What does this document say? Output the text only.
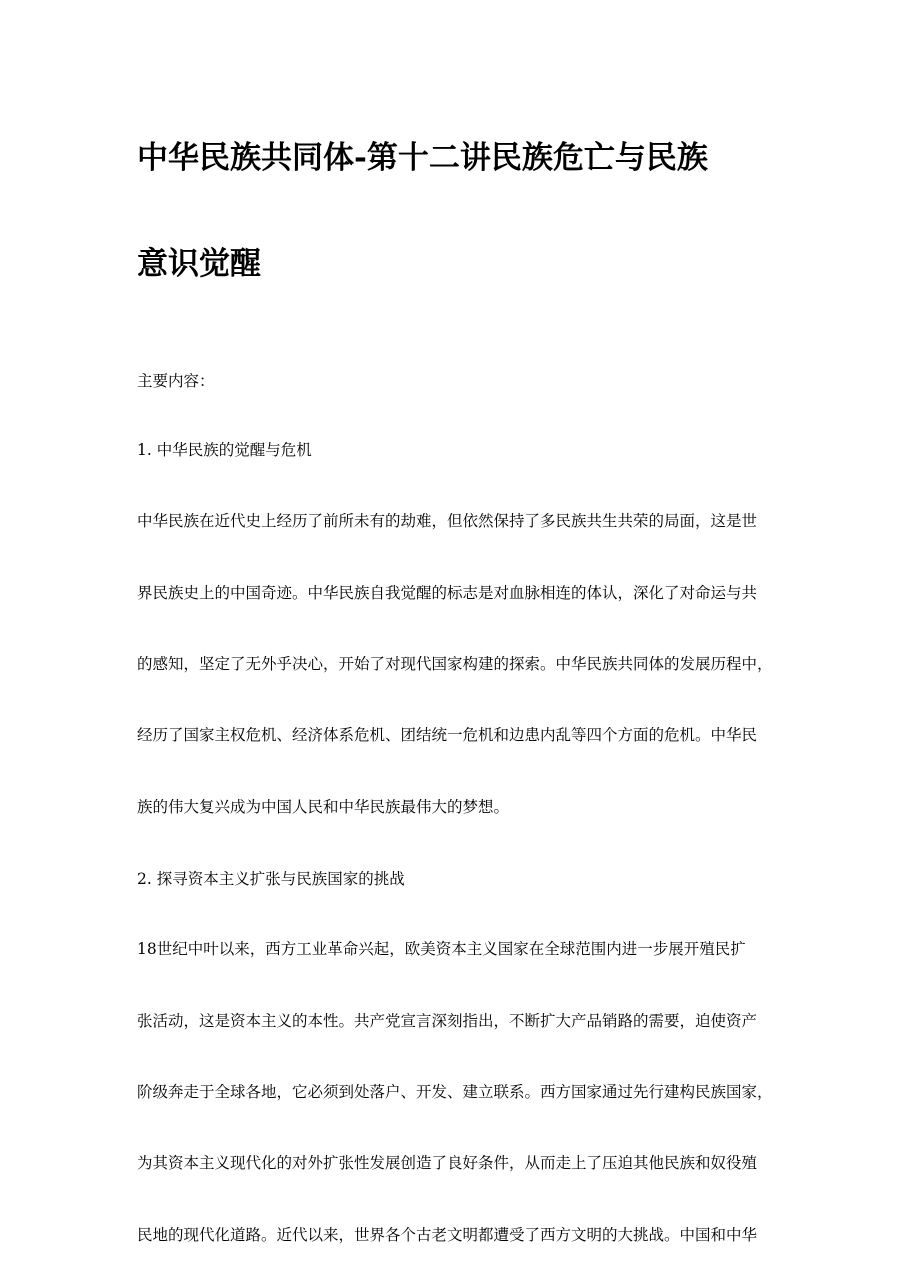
中华民族共同体-第十二讲民族危亡与民族
意识觉醒

主要内容：

1. 中华民族的觉醒与危机

中华民族在近代史上经历了前所未有的劫难，但依然保持了多民族共生共荣的局面，这是世

界民族史上的中国奇迹。中华民族自我觉醒的标志是对血脉相连的体认，深化了对命运与共

的感知，坚定了无外乎决心，开始了对现代国家构建的探索。中华民族共同体的发展历程中，

经历了国家主权危机、经济体系危机、团结统一危机和边患内乱等四个方面的危机。中华民

族的伟大复兴成为中国人民和中华民族最伟大的梦想。

2. 探寻资本主义扩张与民族国家的挑战

18世纪中叶以来，西方工业革命兴起，欧美资本主义国家在全球范围内进一步展开殖民扩

张活动，这是资本主义的本性。共产党宣言深刻指出，不断扩大产品销路的需要，迫使资产

阶级奔走于全球各地，它必须到处落户、开发、建立联系。西方国家通过先行建构民族国家，

为其资本主义现代化的对外扩张性发展创造了良好条件，从而走上了压迫其他民族和奴役殖

民地的现代化道路。近代以来，世界各个古老文明都遭受了西方文明的大挑战。中国和中华
